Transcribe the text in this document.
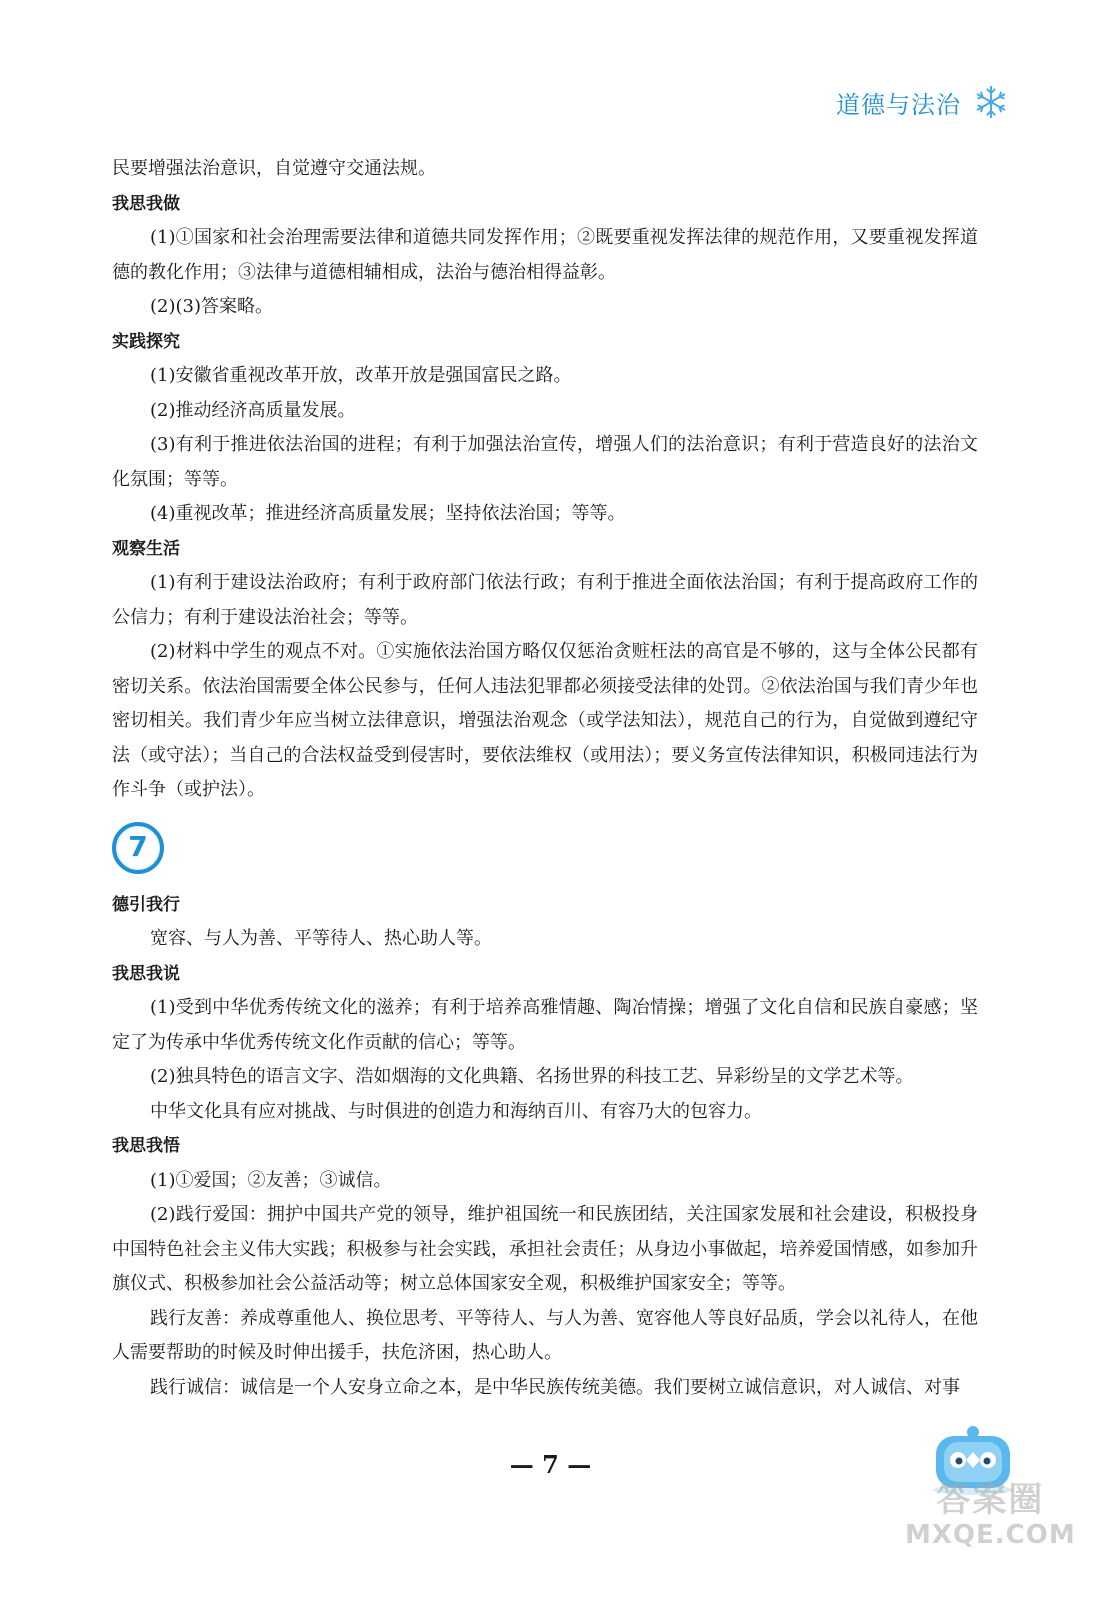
道德与法治

民要增强法治意识，自觉遵守交通法规。

我思我做

(1)①国家和社会治理需要法律和道德共同发挥作用；②既要重视发挥法律的规范作用，又要重视发挥道德的教化作用；③法律与道德相辅相成，法治与德治相得益彰。

(2)(3)答案略。

实践探究

(1)安徽省重视改革开放，改革开放是强国富民之路。

(2)推动经济高质量发展。

(3)有利于推进依法治国的进程；有利于加强法治宣传，增强人们的法治意识；有利于营造良好的法治文化氛围；等等。

(4)重视改革；推进经济高质量发展；坚持依法治国；等等。

观察生活

(1)有利于建设法治政府；有利于政府部门依法行政；有利于推进全面依法治国；有利于提高政府工作的公信力；有利于建设法治社会；等等。

(2)材料中学生的观点不对。①实施依法治国方略仅仅惩治贪赃枉法的高官是不够的，这与全体公民都有密切关系。依法治国需要全体公民参与，任何人违法犯罪都必须接受法律的处罚。②依法治国与我们青少年也密切相关。我们青少年应当树立法律意识，增强法治观念（或学法知法），规范自己的行为，自觉做到遵纪守法（或守法）；当自己的合法权益受到侵害时，要依法维权（或用法）；要义务宣传法律知识，积极同违法行为作斗争（或护法）。

7

德引我行

宽容、与人为善、平等待人、热心助人等。

我思我说

(1)受到中华优秀传统文化的滋养；有利于培养高雅情趣、陶冶情操；增强了文化自信和民族自豪感；坚定了为传承中华优秀传统文化作贡献的信心；等等。

(2)独具特色的语言文字、浩如烟海的文化典籍、名扬世界的科技工艺、异彩纷呈的文学艺术等。

中华文化具有应对挑战、与时俱进的创造力和海纳百川、有容乃大的包容力。

我思我悟

(1)①爱国；②友善；③诚信。

(2)践行爱国：拥护中国共产党的领导，维护祖国统一和民族团结，关注国家发展和社会建设，积极投身中国特色社会主义伟大实践；积极参与社会实践，承担社会责任；从身边小事做起，培养爱国情感，如参加升旗仪式、积极参加社会公益活动等；树立总体国家安全观，积极维护国家安全；等等。

践行友善：养成尊重他人、换位思考、平等待人、与人为善、宽容他人等良好品质，学会以礼待人，在他人需要帮助的时候及时伸出援手，扶危济困，热心助人。

践行诚信：诚信是一个人安身立命之本，是中华民族传统美德。我们要树立诚信意识，对人诚信、对事

— 7 —
答案圈
MXQE.COM
